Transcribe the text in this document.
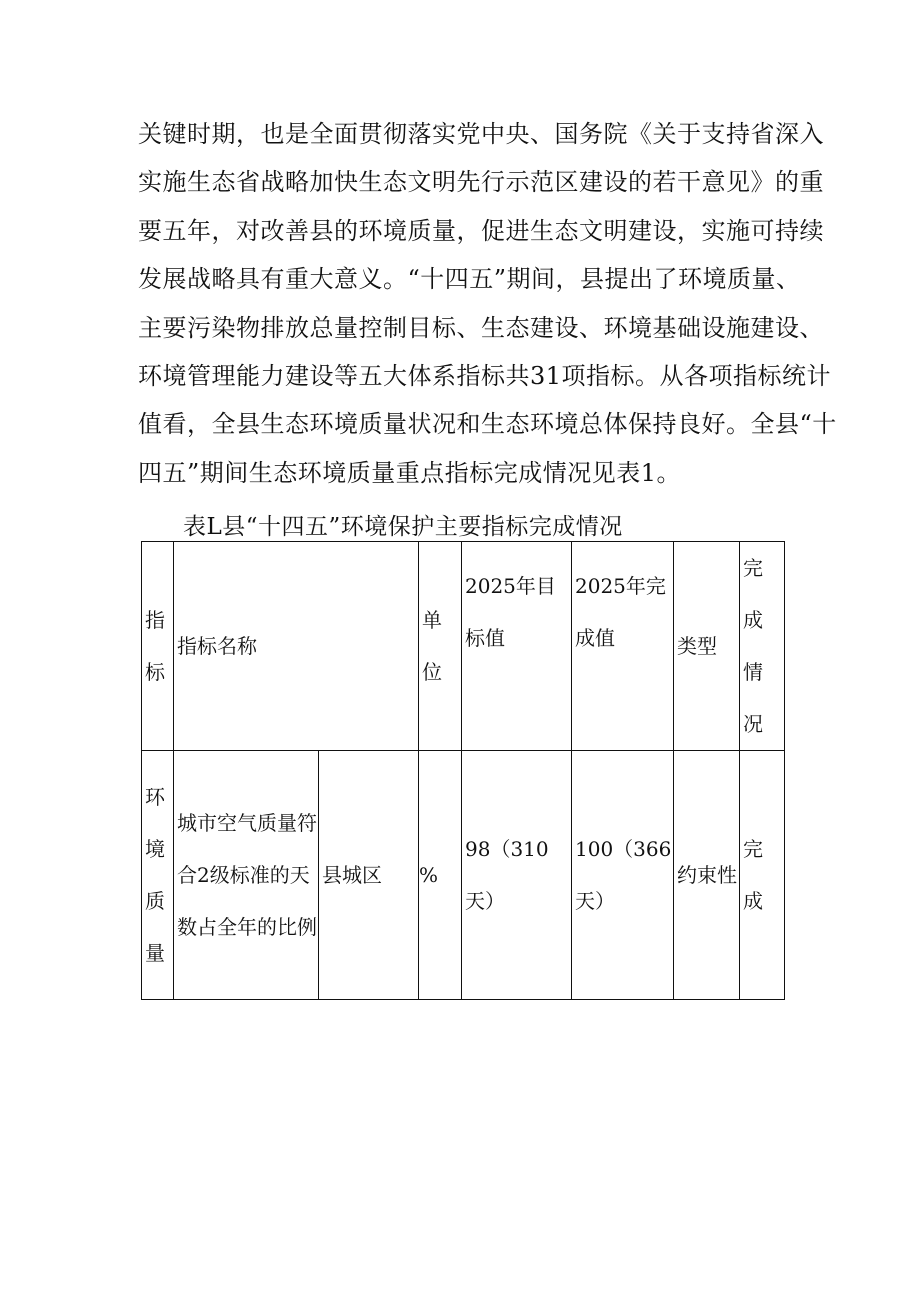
关键时期，也是全面贯彻落实党中央、国务院《关于支持省深入
实施生态省战略加快生态文明先行示范区建设的若干意见》的重
要五年，对改善县的环境质量，促进生态文明建设，实施可持续
发展战略具有重大意义。“十四五”期间，县提出了环境质量、
主要污染物排放总量控制目标、生态建设、环境基础设施建设、
环境管理能力建设等五大体系指标共31项指标。从各项指标统计
值看，全县生态环境质量状况和生态环境总体保持良好。全县“十
四五”期间生态环境质量重点指标完成情况见表1。
表L县“十四五”环境保护主要指标完成情况
指标	指标名称		单位	2025年目标值	2025年完成值	类型	完成情况

环境质量	城市空气质量符合2级标准的天数占全年的比例	县城区	%	98（310天）	100（366天）	约束性	完成
